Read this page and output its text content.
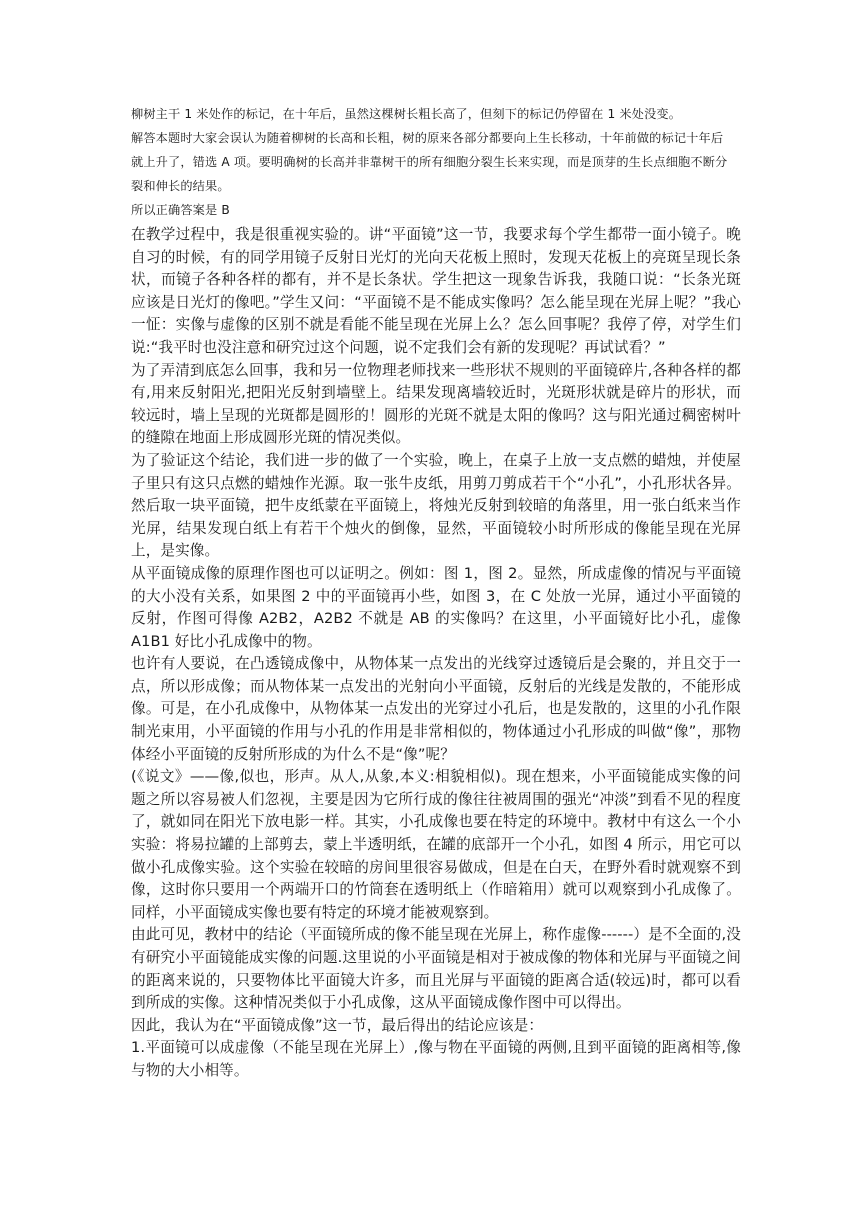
柳树主干 1 米处作的标记，在十年后，虽然这棵树长粗长高了，但刻下的标记仍停留在 1 米处没变。

解答本题时大家会误认为随着柳树的长高和长粗，树的原来各部分都要向上生长移动，十年前做的标记十年后就上升了，错选 A 项。要明确树的长高并非靠树干的所有细胞分裂生长来实现，而是顶芽的生长点细胞不断分裂和伸长的结果。

所以正确答案是 B

在教学过程中，我是很重视实验的。讲“平面镜”这一节，我要求每个学生都带一面小镜子。晚自习的时候，有的同学用镜子反射日光灯的光向天花板上照时，发现天花板上的亮斑呈现长条状，而镜子各种各样的都有，并不是长条状。学生把这一现象告诉我，我随口说：“长条光斑应该是日光灯的像吧。”学生又问：“平面镜不是不能成实像吗？怎么能呈现在光屏上呢？”我心一怔：实像与虚像的区别不就是看能不能呈现在光屏上么？怎么回事呢？我停了停，对学生们说:“我平时也没注意和研究过这个问题，说不定我们会有新的发现呢？再试试看？”

为了弄清到底怎么回事，我和另一位物理老师找来一些形状不规则的平面镜碎片,各种各样的都有,用来反射阳光,把阳光反射到墙壁上。结果发现离墙较近时，光斑形状就是碎片的形状，而较远时，墙上呈现的光斑都是圆形的！圆形的光斑不就是太阳的像吗？这与阳光通过稠密树叶的缝隙在地面上形成圆形光斑的情况类似。

为了验证这个结论，我们进一步的做了一个实验，晚上，在桌子上放一支点燃的蜡烛，并使屋子里只有这只点燃的蜡烛作光源。取一张牛皮纸，用剪刀剪成若干个“小孔”，小孔形状各异。然后取一块平面镜，把牛皮纸蒙在平面镜上，将烛光反射到较暗的角落里，用一张白纸来当作光屏，结果发现白纸上有若干个烛火的倒像，显然，平面镜较小时所形成的像能呈现在光屏上，是实像。

从平面镜成像的原理作图也可以证明之。例如：图 1，图 2。显然，所成虚像的情况与平面镜的大小没有关系，如果图 2 中的平面镜再小些，如图 3，在 C 处放一光屏，通过小平面镜的反射，作图可得像 A2B2，A2B2 不就是 AB 的实像吗？在这里，小平面镜好比小孔，虚像 A1B1 好比小孔成像中的物。

也许有人要说，在凸透镜成像中，从物体某一点发出的光线穿过透镜后是会聚的，并且交于一点，所以形成像；而从物体某一点发出的光射向小平面镜，反射后的光线是发散的，不能形成像。可是，在小孔成像中，从物体某一点发出的光穿过小孔后，也是发散的，这里的小孔作限制光束用，小平面镜的作用与小孔的作用是非常相似的，物体通过小孔形成的叫做“像”，那物体经小平面镜的反射所形成的为什么不是“像”呢？

(《说文》——像,似也，形声。从人,从象,本义:相貌相似)。现在想来，小平面镜能成实像的问题之所以容易被人们忽视，主要是因为它所行成的像往往被周围的强光“冲淡”到看不见的程度了，就如同在阳光下放电影一样。其实，小孔成像也要在特定的环境中。教材中有这么一个小实验：将易拉罐的上部剪去，蒙上半透明纸，在罐的底部开一个小孔，如图 4 所示，用它可以做小孔成像实验。这个实验在较暗的房间里很容易做成，但是在白天，在野外看时就观察不到像，这时你只要用一个两端开口的竹筒套在透明纸上（作暗箱用）就可以观察到小孔成像了。同样，小平面镜成实像也要有特定的环境才能被观察到。

由此可见，教材中的结论（平面镜所成的像不能呈现在光屏上，称作虚像------）是不全面的,没有研究小平面镜能成实像的问题.这里说的小平面镜是相对于被成像的物体和光屏与平面镜之间的距离来说的，只要物体比平面镜大许多，而且光屏与平面镜的距离合适(较远)时，都可以看到所成的实像。这种情况类似于小孔成像，这从平面镜成像作图中可以得出。

因此，我认为在“平面镜成像”这一节，最后得出的结论应该是：

1.平面镜可以成虚像（不能呈现在光屏上）,像与物在平面镜的两侧,且到平面镜的距离相等,像与物的大小相等。
